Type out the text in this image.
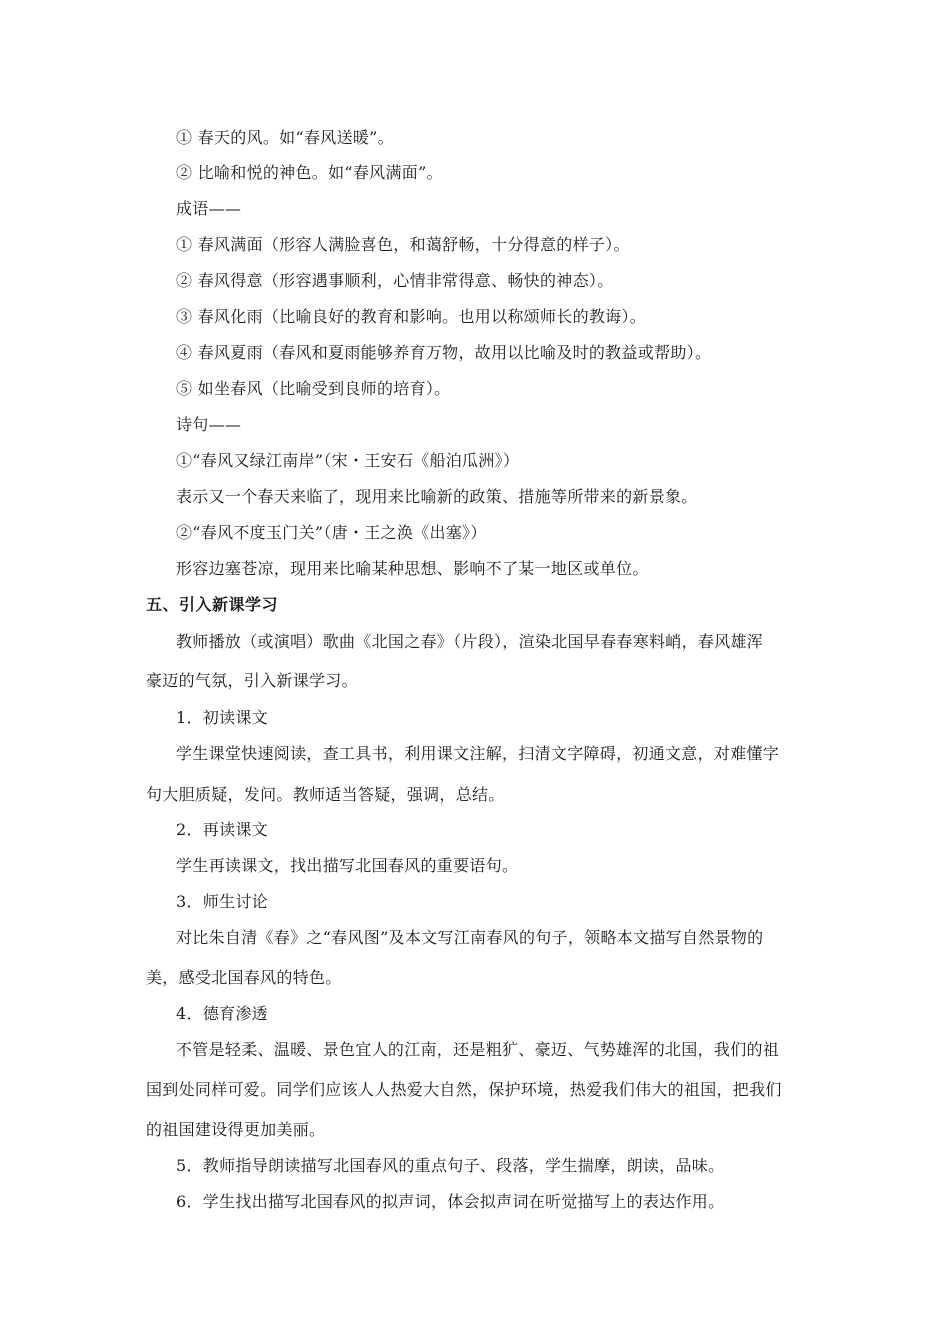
① 春天的风。如“春风送暖”。
② 比喻和悦的神色。如“春风满面”。
成语——
① 春风满面（形容人满脸喜色，和蔼舒畅，十分得意的样子）。
② 春风得意（形容遇事顺利，心情非常得意、畅快的神态）。
③ 春风化雨（比喻良好的教育和影响。也用以称颂师长的教诲）。
④ 春风夏雨（春风和夏雨能够养育万物，故用以比喻及时的教益或帮助）。
⑤ 如坐春风（比喻受到良师的培育）。
诗句——
①“春风又绿江南岸”（宋・王安石《船泊瓜洲》）
表示又一个春天来临了，现用来比喻新的政策、措施等所带来的新景象。
②“春风不度玉门关”（唐・王之涣《出塞》）
形容边塞苍凉，现用来比喻某种思想、影响不了某一地区或单位。
五、引入新课学习
教师播放（或演唱）歌曲《北国之春》（片段），渲染北国早春春寒料峭，春风雄浑
豪迈的气氛，引入新课学习。
1．初读课文
学生课堂快速阅读，查工具书，利用课文注解，扫清文字障碍，初通文意，对难懂字
句大胆质疑，发问。教师适当答疑，强调，总结。
2．再读课文
学生再读课文，找出描写北国春风的重要语句。
3．师生讨论
对比朱自清《春》之“春风图”及本文写江南春风的句子，领略本文描写自然景物的
美，感受北国春风的特色。
4．德育渗透
不管是轻柔、温暖、景色宜人的江南，还是粗犷、豪迈、气势雄浑的北国，我们的祖
国到处同样可爱。同学们应该人人热爱大自然，保护环境，热爱我们伟大的祖国，把我们
的祖国建设得更加美丽。
5．教师指导朗读描写北国春风的重点句子、段落，学生揣摩，朗读，品味。
6．学生找出描写北国春风的拟声词，体会拟声词在听觉描写上的表达作用。
